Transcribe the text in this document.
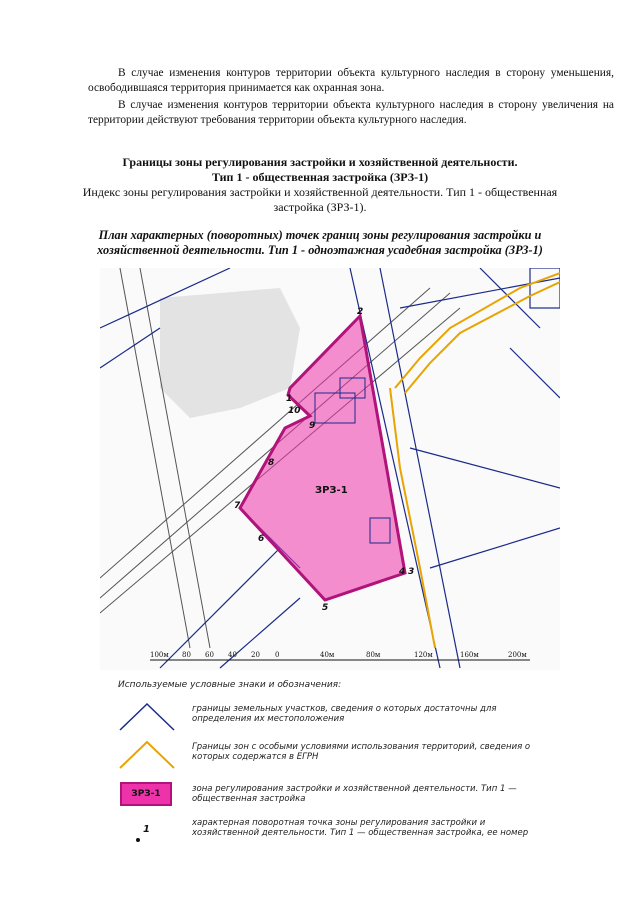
В случае изменения контуров территории объекта культурного наследия в сторону уменьшения, освободившаяся территория принимается как охранная зона.
В случае изменения контуров территории объекта культурного наследия в сторону увеличения на территории действуют требования территории объекта культурного наследия.
Границы зоны регулирования застройки и хозяйственной деятельности.
Тип 1 - общественная застройка (ЗРЗ-1)
Индекс зоны регулирования застройки и хозяйственной деятельности. Тип 1 - общественная застройка (ЗРЗ-1).
План характерных (поворотных) точек границ зоны регулирования застройки и хозяйственной деятельности. Тип 1 - одноэтажная усадебная застройка (ЗРЗ-1)
ЗРЗ-1
1
2
3
4
5
6
7
8
9
10
100м 80 60 40 20 0	40м	80м	120м	160м	200м
Используемые условные знаки и обозначения:
границы земельных участков, сведения о которых достаточны для определения их местоположения
Границы зон с особыми условиями использования территорий, сведения о которых содержатся в ЕГРН
ЗРЗ-1	зона регулирования застройки и хозяйственной деятельности. Тип 1 — общественная застройка
1
характерная поворотная точка зоны регулирования застройки и хозяйственной деятельности. Тип 1 — общественная застройка, ее номер
